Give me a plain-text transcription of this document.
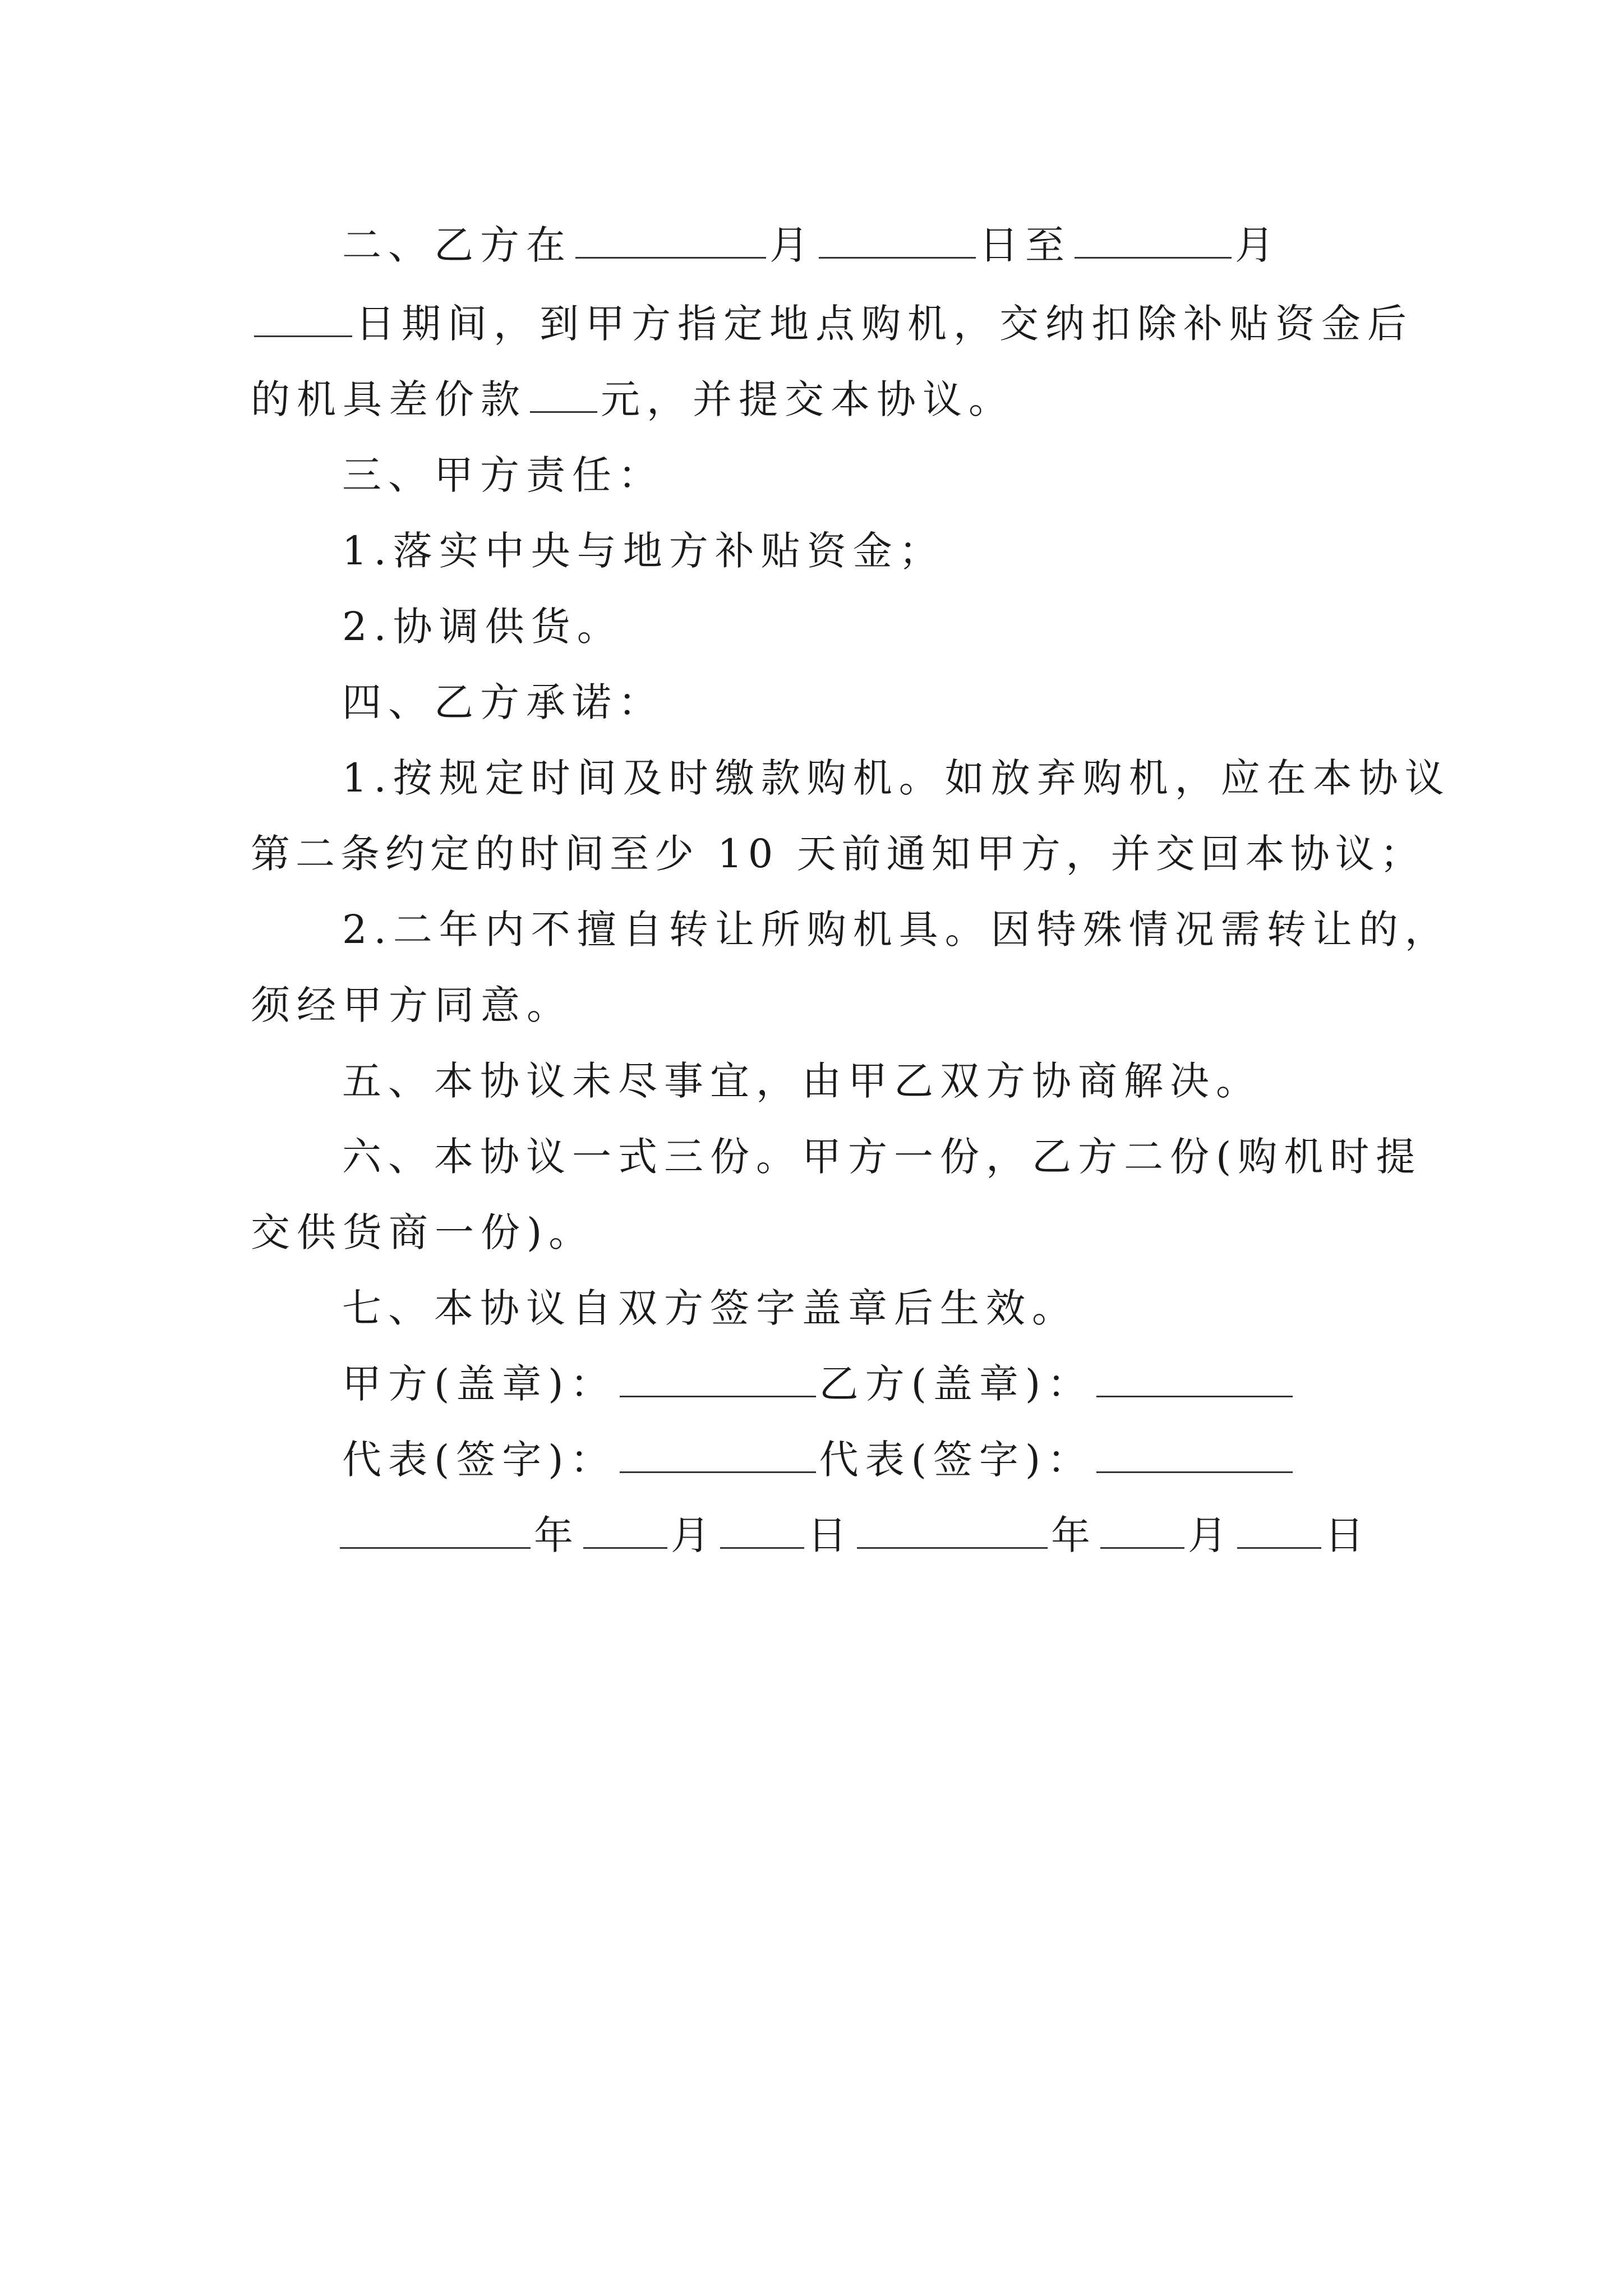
二、乙方在	月	日至	月
日期间，到甲方指定地点购机，交纳扣除补贴资金后
的机具差价款 元，并提交本协议。
三、甲方责任：
1.落实中央与地方补贴资金；
2.协调供货。
四、乙方承诺：
1.按规定时间及时缴款购机。如放弃购机，应在本协议
第二条约定的时间至少 10 天前通知甲方，并交回本协议；
2.二年内不擅自转让所购机具。因特殊情况需转让的，
须经甲方同意。
五、本协议未尽事宜，由甲乙双方协商解决。
六、本协议一式三份。甲方一份，乙方二份(购机时提
交供货商一份)。
七、本协议自双方签字盖章后生效。
甲方(盖章)：	乙方(盖章)：
代表(签字)：	代表(签字)：
年 月 日	年 月 日
